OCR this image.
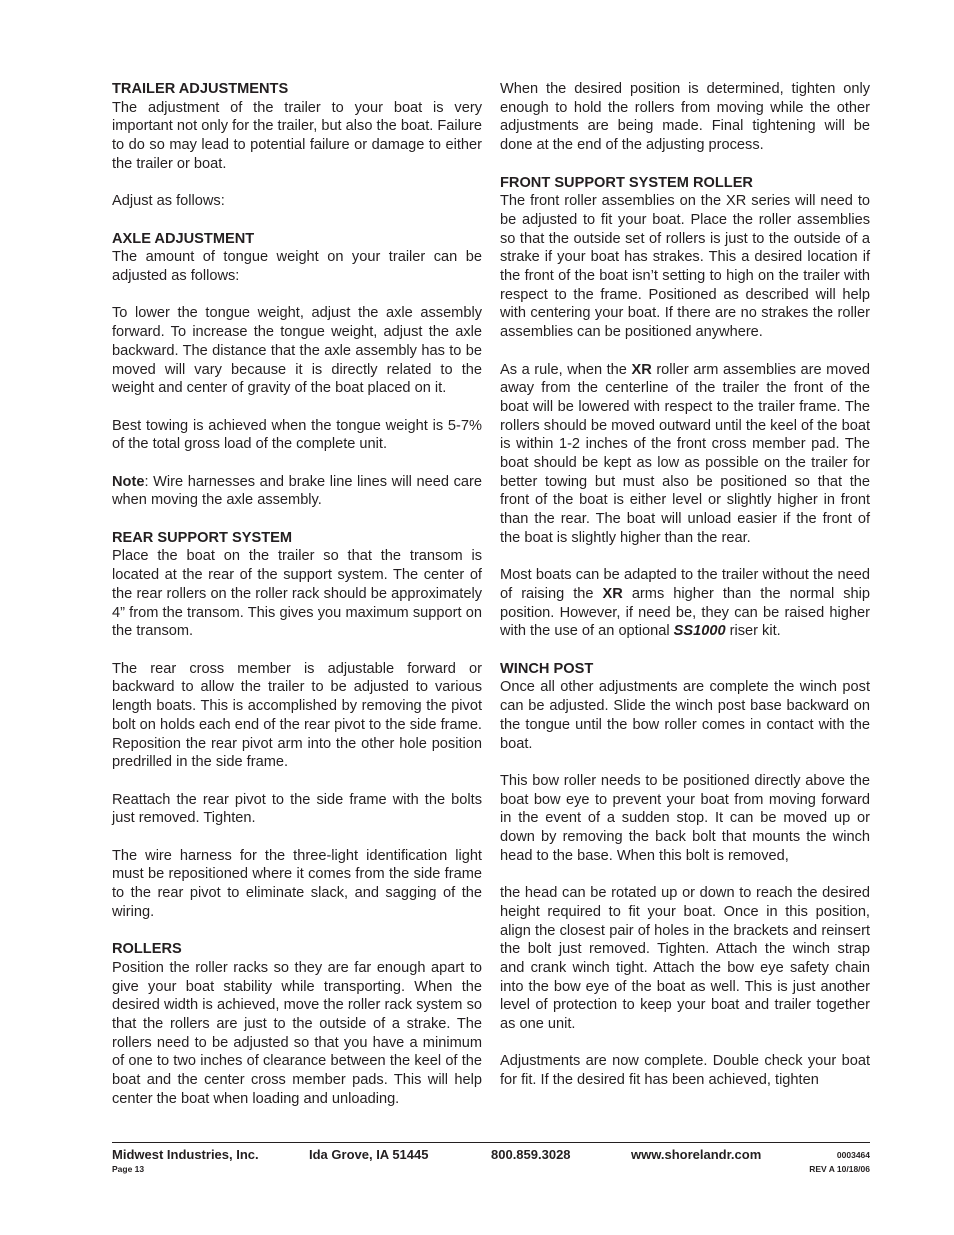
TRAILER ADJUSTMENTS
The adjustment of the trailer to your boat is very important not only for the trailer, but also the boat. Failure to do so may lead to potential failure or damage to either the trailer or boat.
Adjust as follows:
AXLE ADJUSTMENT
The amount of tongue weight on your trailer can be adjusted as follows:
To lower the tongue weight, adjust the axle assembly forward. To increase the tongue weight, adjust the axle backward. The distance that the axle assembly has to be moved will vary because it is directly related to the weight and center of gravity of the boat placed on it.
Best towing is achieved when the tongue weight is 5-7% of the total gross load of the complete unit.
Note: Wire harnesses and brake line lines will need care when moving the axle assembly.
REAR SUPPORT SYSTEM
Place the boat on the trailer so that the transom is located at the rear of the support system. The center of the rear rollers on the roller rack should be approximately 4” from the transom. This gives you maximum support on the transom.
The rear cross member is adjustable forward or backward to allow the trailer to be adjusted to various length boats. This is accomplished by removing the pivot bolt on holds each end of the rear pivot to the side frame. Reposition the rear pivot arm into the other hole position predrilled in the side frame.
Reattach the rear pivot to the side frame with the bolts just removed. Tighten.
The wire harness for the three-light identification light must be repositioned where it comes from the side frame to the rear pivot to eliminate slack, and sagging of the wiring.
ROLLERS
Position the roller racks so they are far enough apart to give your boat stability while transporting. When the desired width is achieved, move the roller rack system so that the rollers are just to the outside of a strake. The rollers need to be adjusted so that you have a minimum of one to two inches of clearance between the keel of the boat and the center cross member pads. This will help center the boat when loading and unloading.
When the desired position is determined, tighten only enough to hold the rollers from moving while the other adjustments are being made. Final tightening will be done at the end of the adjusting process.
FRONT SUPPORT SYSTEM ROLLER
The front roller assemblies on the XR series will need to be adjusted to fit your boat. Place the roller assemblies so that the outside set of rollers is just to the outside of a strake if your boat has strakes. This a desired location if the front of the boat isn’t setting to high on the trailer with respect to the frame. Positioned as described will help with centering your boat. If there are no strakes the roller assemblies can be positioned anywhere.
As a rule, when the XR roller arm assemblies are moved away from the centerline of the trailer the front of the boat will be lowered with respect to the trailer frame. The rollers should be moved outward until the keel of the boat is within 1-2 inches of the front cross member pad. The boat should be kept as low as possible on the trailer for better towing but must also be positioned so that the front of the boat is either level or slightly higher in front than the rear. The boat will unload easier if the front of the boat is slightly higher than the rear.
Most boats can be adapted to the trailer without the need of raising the XR arms higher than the normal ship position. However, if need be, they can be raised higher with the use of an optional SS1000 riser kit.
WINCH POST
Once all other adjustments are complete the winch post can be adjusted. Slide the winch post base backward on the tongue until the bow roller comes in contact with the boat.
This bow roller needs to be positioned directly above the boat bow eye to prevent your boat from moving forward in the event of a sudden stop. It can be moved up or down by removing the back bolt that mounts the winch head to the base. When this bolt is removed,
the head can be rotated up or down to reach the desired height required to fit your boat. Once in this position, align the closest pair of holes in the brackets and reinsert the bolt just removed. Tighten. Attach the winch strap and crank winch tight. Attach the bow eye safety chain into the bow eye of the boat as well. This is just another level of protection to keep your boat and trailer together as one unit.
Adjustments are now complete. Double check your boat for fit. If the desired fit has been achieved, tighten
Midwest Industries, Inc.	Ida Grove, IA 51445	800.859.3028	www.shorelandr.com	0003464
Page 13	REV A 10/18/06
